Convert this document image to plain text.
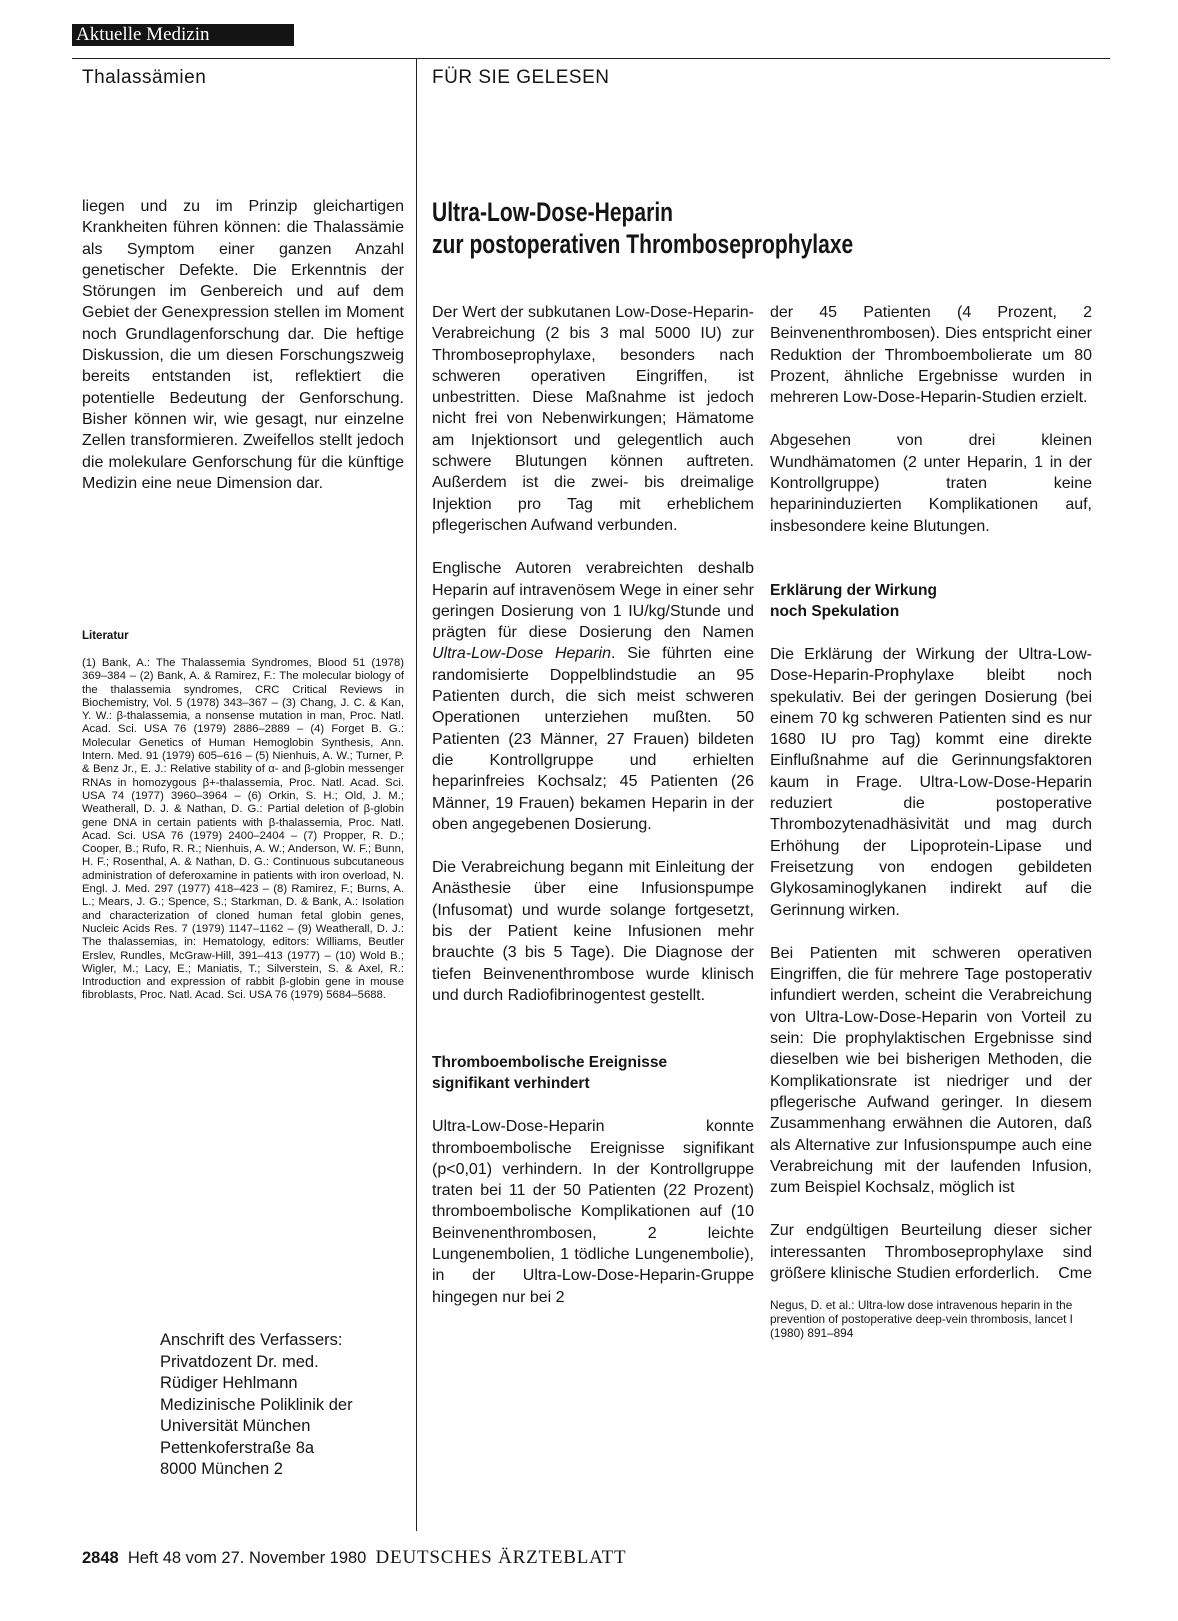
Aktuelle Medizin
Thalassämien	FÜR SIE GELESEN

liegen und zu im Prinzip gleichartigen Krankheiten führen können: die Thalassämie als Symptom einer ganzen Anzahl genetischer Defekte. Die Erkenntnis der Störungen im Genbereich und auf dem Gebiet der Genexpression stellen im Moment noch Grundlagenforschung dar. Die heftige Diskussion, die um diesen Forschungszweig bereits entstanden ist, reflektiert die potentielle Bedeutung der Genforschung. Bisher können wir, wie gesagt, nur einzelne Zellen transformieren. Zweifellos stellt jedoch die molekulare Genforschung für die künftige Medizin eine neue Dimension dar.

Literatur

(1) Bank, A.: The Thalassemia Syndromes, Blood 51 (1978) 369–384 – (2) Bank, A. & Ramirez, F.: The molecular biology of the thalassemia syndromes, CRC Critical Reviews in Biochemistry, Vol. 5 (1978) 343–367 – (3) Chang, J. C. & Kan, Y. W.: β-thalassemia, a nonsense mutation in man, Proc. Natl. Acad. Sci. USA 76 (1979) 2886–2889 – (4) Forget B. G.: Molecular Genetics of Human Hemoglobin Synthesis, Ann. Intern. Med. 91 (1979) 605–616 – (5) Nienhuis, A. W.; Turner, P. & Benz Jr., E. J.: Relative stability of α- and β-globin messenger RNAs in homozygous β+-thalassemia, Proc. Natl. Acad. Sci. USA 74 (1977) 3960–3964 – (6) Orkin, S. H.; Old, J. M.; Weatherall, D. J. & Nathan, D. G.: Partial deletion of β-globin gene DNA in certain patients with β-thalassemia, Proc. Natl. Acad. Sci. USA 76 (1979) 2400–2404 – (7) Propper, R. D.; Cooper, B.; Rufo, R. R.; Nienhuis, A. W.; Anderson, W. F.; Bunn, H. F.; Rosenthal, A. & Nathan, D. G.: Continuous subcutaneous administration of deferoxamine in patients with iron overload, N. Engl. J. Med. 297 (1977) 418–423 – (8) Ramirez, F.; Burns, A. L.; Mears, J. G.; Spence, S.; Starkman, D. & Bank, A.: Isolation and characterization of cloned human fetal globin genes, Nucleic Acids Res. 7 (1979) 1147–1162 – (9) Weatherall, D. J.: The thalassemias, in: Hematology, editors: Williams, Beutler Erslev, Rundles, McGraw-Hill, 391–413 (1977) – (10) Wold B.; Wigler, M.; Lacy, E.; Maniatis, T.; Silverstein, S. & Axel, R.: Introduction and expression of rabbit β-globin gene in mouse fibroblasts, Proc. Natl. Acad. Sci. USA 76 (1979) 5684–5688.

Anschrift des Verfassers:
Privatdozent Dr. med.
Rüdiger Hehlmann
Medizinische Poliklinik der
Universität München
Pettenkoferstraße 8a
8000 München 2
Ultra-Low-Dose-Heparin
zur postoperativen Thromboseprophylaxe

Der Wert der subkutanen Low-Dose-Heparin-Verabreichung (2 bis 3 mal 5000 IU) zur Thromboseprophylaxe, besonders nach schweren operativen Eingriffen, ist unbestritten. Diese Maßnahme ist jedoch nicht frei von Nebenwirkungen; Hämatome am Injektionsort und gelegentlich auch schwere Blutungen können auftreten. Außerdem ist die zwei- bis dreimalige Injektion pro Tag mit erheblichem pflegerischen Aufwand verbunden.

Englische Autoren verabreichten deshalb Heparin auf intravenösem Wege in einer sehr geringen Dosierung von 1 IU/kg/Stunde und prägten für diese Dosierung den Namen Ultra-Low-Dose Heparin. Sie führten eine randomisierte Doppelblindstudie an 95 Patienten durch, die sich meist schweren Operationen unterziehen mußten. 50 Patienten (23 Männer, 27 Frauen) bildeten die Kontrollgruppe und erhielten heparinfreies Kochsalz; 45 Patienten (26 Männer, 19 Frauen) bekamen Heparin in der oben angegebenen Dosierung.

Die Verabreichung begann mit Einleitung der Anästhesie über eine Infusionspumpe (Infusomat) und wurde solange fortgesetzt, bis der Patient keine Infusionen mehr brauchte (3 bis 5 Tage). Die Diagnose der tiefen Beinvenenthrombose wurde klinisch und durch Radiofibrinogentest gestellt.

Thromboembolische Ereignisse
signifikant verhindert

Ultra-Low-Dose-Heparin konnte thromboembolische Ereignisse signifikant (p<0,01) verhindern. In der Kontrollgruppe traten bei 11 der 50 Patienten (22 Prozent) thromboembolische Komplikationen auf (10 Beinvenenthrombosen, 2 leichte Lungenembolien, 1 tödliche Lungenembolie), in der Ultra-Low-Dose-Heparin-Gruppe hingegen nur bei 2

der 45 Patienten (4 Prozent, 2 Beinvenenthrombosen). Dies entspricht einer Reduktion der Thromboembolierate um 80 Prozent, ähnliche Ergebnisse wurden in mehreren Low-Dose-Heparin-Studien erzielt.

Abgesehen von drei kleinen Wundhämatomen (2 unter Heparin, 1 in der Kontrollgruppe) traten keine heparininduzierten Komplikationen auf, insbesondere keine Blutungen.

Erklärung der Wirkung
noch Spekulation

Die Erklärung der Wirkung der Ultra-Low-Dose-Heparin-Prophylaxe bleibt noch spekulativ. Bei der geringen Dosierung (bei einem 70 kg schweren Patienten sind es nur 1680 IU pro Tag) kommt eine direkte Einflußnahme auf die Gerinnungsfaktoren kaum in Frage. Ultra-Low-Dose-Heparin reduziert die postoperative Thrombozytenadhäsivität und mag durch Erhöhung der Lipoprotein-Lipase und Freisetzung von endogen gebildeten Glykosaminoglykanen indirekt auf die Gerinnung wirken.

Bei Patienten mit schweren operativen Eingriffen, die für mehrere Tage postoperativ infundiert werden, scheint die Verabreichung von Ultra-Low-Dose-Heparin von Vorteil zu sein: Die prophylaktischen Ergebnisse sind dieselben wie bei bisherigen Methoden, die Komplikationsrate ist niedriger und der pflegerische Aufwand geringer. In diesem Zusammenhang erwähnen die Autoren, daß als Alternative zur Infusionspumpe auch eine Verabreichung mit der laufenden Infusion, zum Beispiel Kochsalz, möglich ist

Zur endgültigen Beurteilung dieser sicher interessanten Thromboseprophylaxe sind größere klinische Studien erforderlich. Cme

Negus, D. et al.: Ultra-low dose intravenous heparin in the prevention of postoperative deep-vein thrombosis, lancet I (1980) 891–894

2848 Heft 48 vom 27. November 1980 DEUTSCHES ÄRZTEBLATT
